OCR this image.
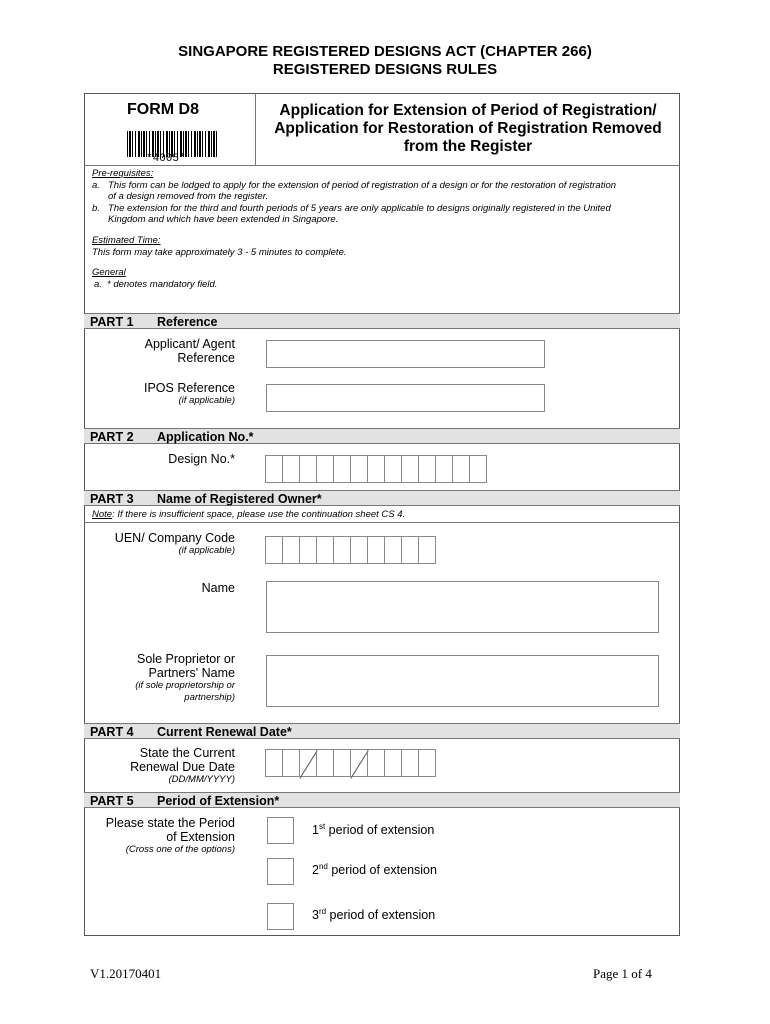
SINGAPORE REGISTERED DESIGNS ACT (CHAPTER 266)
REGISTERED DESIGNS RULES
FORM D8
*4005*
Application for Extension of Period of Registration/
Application for Restoration of Registration Removed
from the Register
Pre-requisites:
a. This form can be lodged to apply for the extension of period of registration of a design or for the restoration of registration
of a design removed from the register.
b. The extension for the third and fourth periods of 5 years are only applicable to designs originally registered in the United
Kingdom and which have been extended in Singapore.
Estimated Time:
This form may take approximately 3 - 5 minutes to complete.
General
a. * denotes mandatory field.
PART 1 Reference
Applicant/ Agent
Reference
IPOS Reference
(if applicable)
PART 2 Application No.*
Design No.*
PART 3 Name of Registered Owner*
Note: If there is insufficient space, please use the continuation sheet CS 4.
UEN/ Company Code
(if applicable)
Name
Sole Proprietor or
Partners' Name
(if sole proprietorship or
partnership)
PART 4 Current Renewal Date*
State the Current
Renewal Due Date
(DD/MM/YYYY)
PART 5 Period of Extension*
Please state the Period
of Extension
(Cross one of the options)
1st period of extension
2nd period of extension
3rd period of extension
V1.20170401	Page 1 of 4
